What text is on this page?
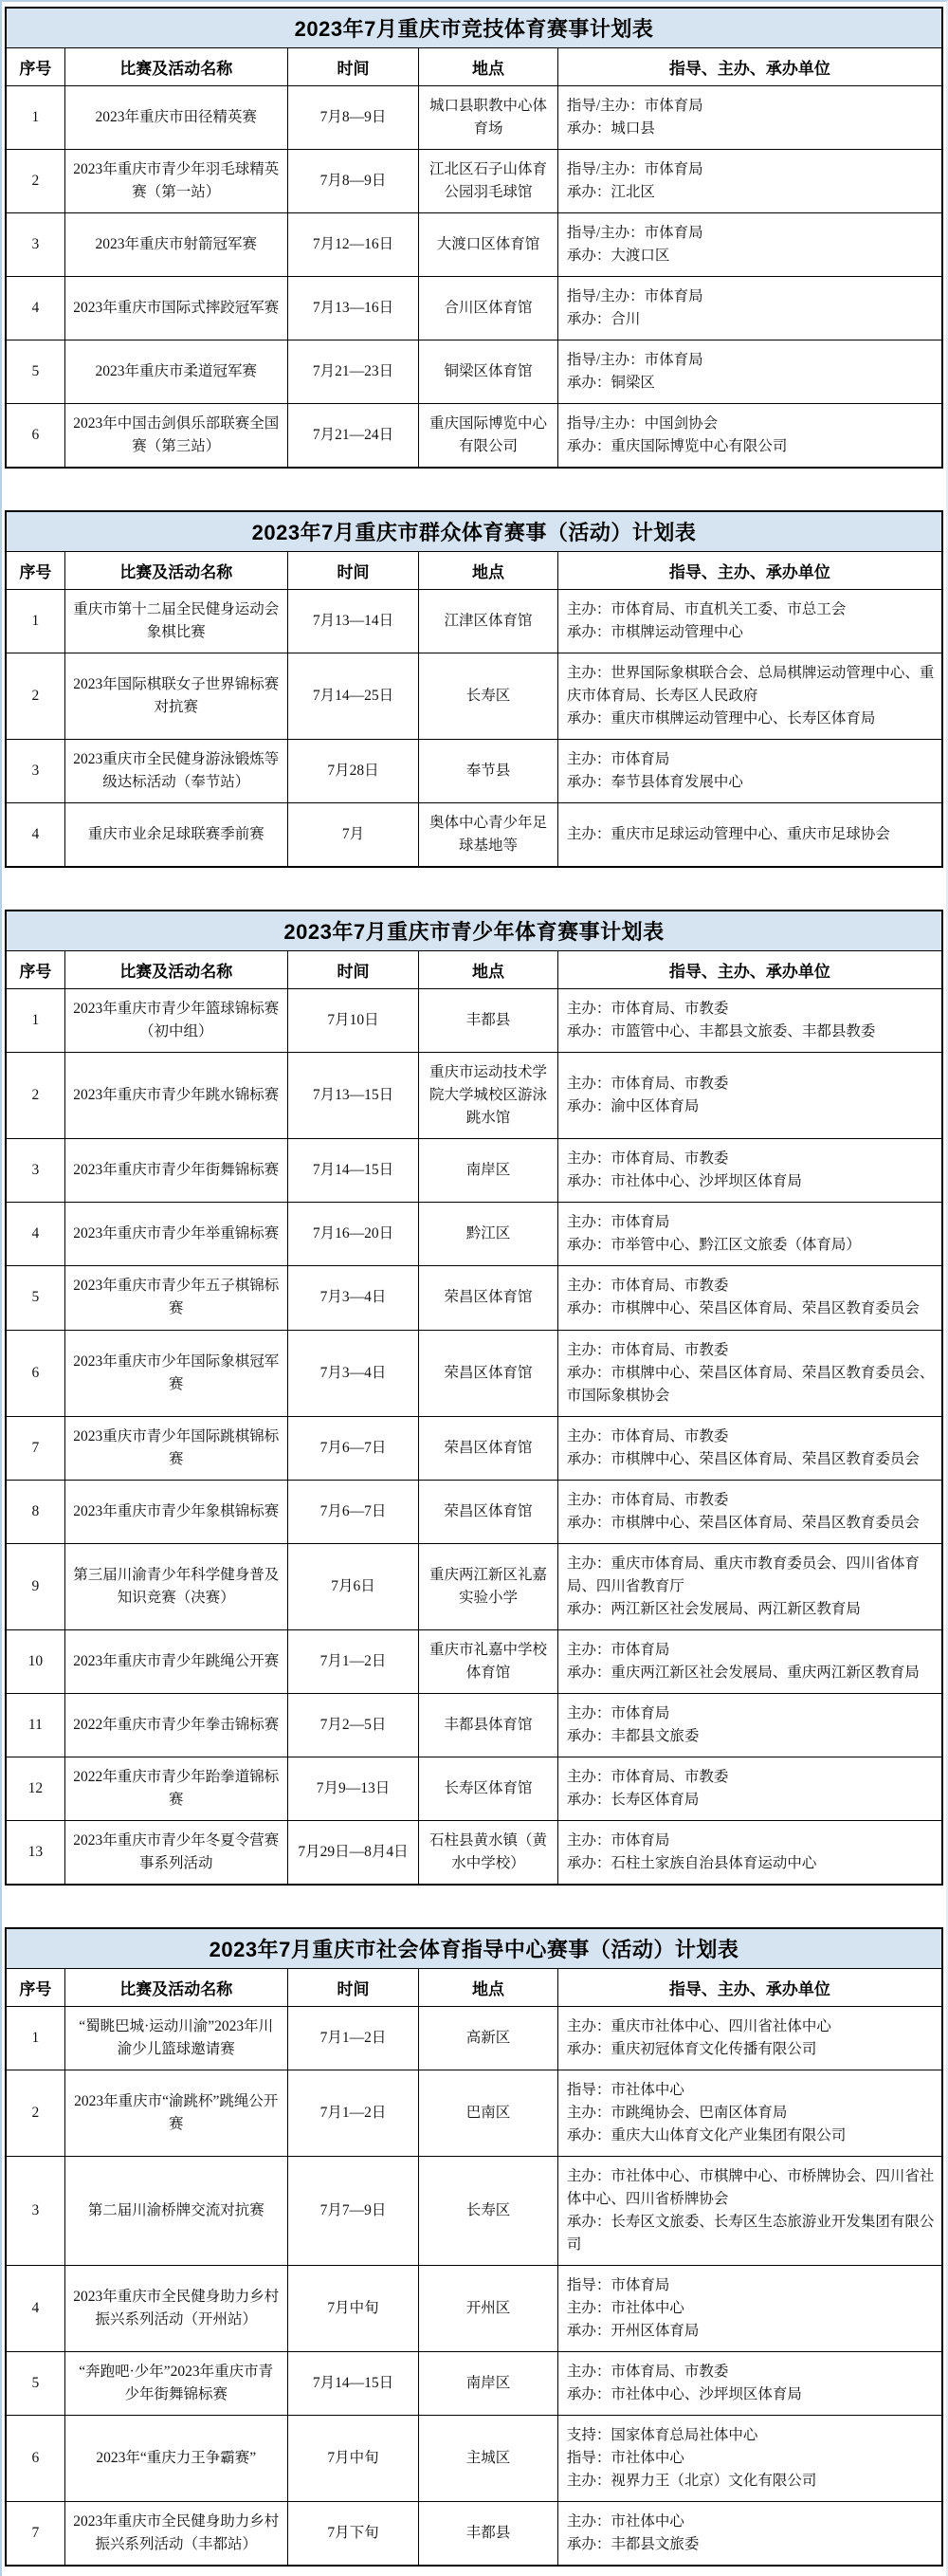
2023年7月重庆市竞技体育赛事计划表				
序号	比赛及活动名称	时间	地点	指导、主办、承办单位
1	2023年重庆市田径精英赛	7月8—9日	城口县职教中心体育场	指导/主办：市体育局
承办：城口县

2	2023年重庆市青少年羽毛球精英赛（第一站）	7月8—9日	江北区石子山体育公园羽毛球馆	指导/主办：市体育局
承办：江北区

3	2023年重庆市射箭冠军赛	7月12—16日	大渡口区体育馆	指导/主办：市体育局
承办：大渡口区

4	2023年重庆市国际式摔跤冠军赛	7月13—16日	合川区体育馆	指导/主办：市体育局
承办：合川

5	2023年重庆市柔道冠军赛	7月21—23日	铜梁区体育馆	指导/主办：市体育局
承办：铜梁区

6	2023年中国击剑俱乐部联赛全国赛（第三站）	7月21—24日	重庆国际博览中心有限公司	指导/主办：中国剑协会
承办：重庆国际博览中心有限公司
2023年7月重庆市群众体育赛事（活动）计划表				
序号	比赛及活动名称	时间	地点	指导、主办、承办单位
1	重庆市第十二届全民健身运动会象棋比赛	7月13—14日	江津区体育馆	主办：市体育局、市直机关工委、市总工会
承办：市棋牌运动管理中心

2	2023年国际棋联女子世界锦标赛对抗赛	7月14—25日	长寿区	主办：世界国际象棋联合会、总局棋牌运动管理中心、重庆市体育局、长寿区人民政府
承办：重庆市棋牌运动管理中心、长寿区体育局

3	2023重庆市全民健身游泳锻炼等级达标活动（奉节站）	7月28日	奉节县	主办：市体育局
承办：奉节县体育发展中心

4	重庆市业余足球联赛季前赛	7月	奥体中心青少年足球基地等	主办：重庆市足球运动管理中心、重庆市足球协会
2023年7月重庆市青少年体育赛事计划表				
序号	比赛及活动名称	时间	地点	指导、主办、承办单位
1	2023年重庆市青少年篮球锦标赛（初中组）	7月10日	丰都县	主办：市体育局、市教委
承办：市篮管中心、丰都县文旅委、丰都县教委

2	2023年重庆市青少年跳水锦标赛	7月13—15日	重庆市运动技术学院大学城校区游泳跳水馆	主办：市体育局、市教委
承办：渝中区体育局

3	2023年重庆市青少年街舞锦标赛	7月14—15日	南岸区	主办：市体育局、市教委
承办：市社体中心、沙坪坝区体育局

4	2023年重庆市青少年举重锦标赛	7月16—20日	黔江区	主办：市体育局
承办：市举管中心、黔江区文旅委（体育局）

5	2023年重庆市青少年五子棋锦标赛	7月3—4日	荣昌区体育馆	主办：市体育局、市教委
承办：市棋牌中心、荣昌区体育局、荣昌区教育委员会

6	2023年重庆市少年国际象棋冠军赛	7月3—4日	荣昌区体育馆	主办：市体育局、市教委
承办：市棋牌中心、荣昌区体育局、荣昌区教育委员会、市国际象棋协会

7	2023重庆市青少年国际跳棋锦标赛	7月6—7日	荣昌区体育馆	主办：市体育局、市教委
承办：市棋牌中心、荣昌区体育局、荣昌区教育委员会

8	2023年重庆市青少年象棋锦标赛	7月6—7日	荣昌区体育馆	主办：市体育局、市教委
承办：市棋牌中心、荣昌区体育局、荣昌区教育委员会

9	第三届川渝青少年科学健身普及知识竞赛（决赛）	7月6日	重庆两江新区礼嘉实验小学	主办：重庆市体育局、重庆市教育委员会、四川省体育局、四川省教育厅
承办：两江新区社会发展局、两江新区教育局

10	2023年重庆市青少年跳绳公开赛	7月1—2日	重庆市礼嘉中学校体育馆	主办：市体育局
承办：重庆两江新区社会发展局、重庆两江新区教育局

11	2022年重庆市青少年拳击锦标赛	7月2—5日	丰都县体育馆	主办：市体育局
承办：丰都县文旅委

12	2022年重庆市青少年跆拳道锦标赛	7月9—13日	长寿区体育馆	主办：市体育局、市教委
承办：长寿区体育局

13	2023年重庆市青少年冬夏令营赛事系列活动	7月29日—8月4日	石柱县黄水镇（黄水中学校）	主办：市体育局
承办：石柱土家族自治县体育运动中心
2023年7月重庆市社会体育指导中心赛事（活动）计划表				
序号	比赛及活动名称	时间	地点	指导、主办、承办单位
1	“蜀眺巴城·运动川渝”2023年川渝少儿篮球邀请赛	7月1—2日	高新区	主办：重庆市社体中心、四川省社体中心
承办：重庆初冠体育文化传播有限公司

2	2023年重庆市“渝跳杯”跳绳公开赛	7月1—2日	巴南区	指导：市社体中心
主办：市跳绳协会、巴南区体育局
承办：重庆大山体育文化产业集团有限公司

3	第二届川渝桥牌交流对抗赛	7月7—9日	长寿区	主办：市社体中心、市棋牌中心、市桥牌协会、四川省社体中心、四川省桥牌协会
承办：长寿区文旅委、长寿区生态旅游业开发集团有限公司

4	2023年重庆市全民健身助力乡村振兴系列活动（开州站）	7月中旬	开州区	指导：市体育局
主办：市社体中心
承办：开州区体育局

5	“奔跑吧·少年”2023年重庆市青少年街舞锦标赛	7月14—15日	南岸区	主办：市体育局、市教委
承办：市社体中心、沙坪坝区体育局

6	2023年“重庆力王争霸赛”	7月中旬	主城区	支持：国家体育总局社体中心
指导：市社体中心
主办：视界力王（北京）文化有限公司

7	2023年重庆市全民健身助力乡村振兴系列活动（丰都站）	7月下旬	丰都县	主办：市社体中心
承办：丰都县文旅委
